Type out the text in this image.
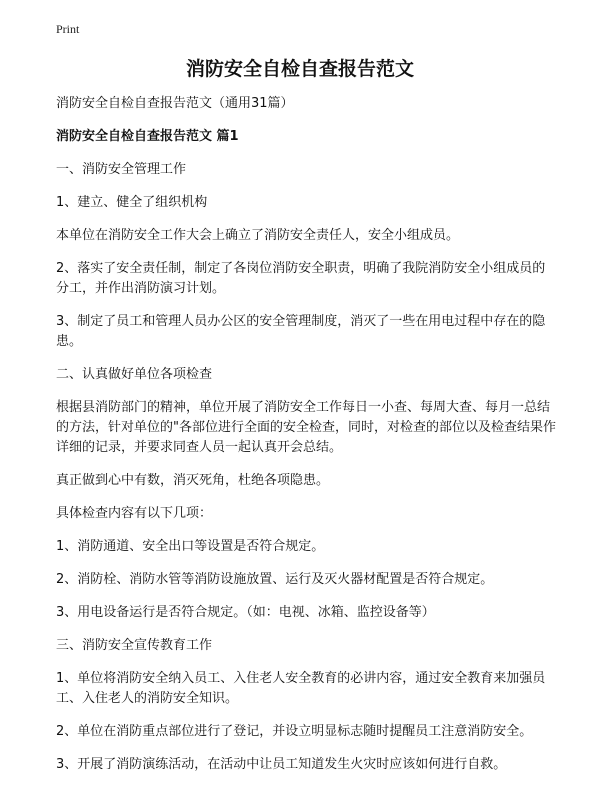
Print
消防安全自检自查报告范文

消防安全自检自查报告范文（通用31篇）

消防安全自检自查报告范文 篇1

一、消防安全管理工作

1、建立、健全了组织机构

本单位在消防安全工作大会上确立了消防安全责任人，安全小组成员。

2、落实了安全责任制，制定了各岗位消防安全职责，明确了我院消防安全小组成员的分工，并作出消防演习计划。

3、制定了员工和管理人员办公区的安全管理制度，消灭了一些在用电过程中存在的隐患。

二、认真做好单位各项检查

根据县消防部门的精神，单位开展了消防安全工作每日一小查、每周大查、每月一总结的方法，针对单位的"各部位进行全面的安全检查，同时，对检查的部位以及检查结果作详细的记录，并要求同查人员一起认真开会总结。

真正做到心中有数，消灭死角，杜绝各项隐患。

具体检查内容有以下几项：

1、消防通道、安全出口等设置是否符合规定。

2、消防栓、消防水管等消防设施放置、运行及灭火器材配置是否符合规定。

3、用电设备运行是否符合规定。（如：电视、冰箱、监控设备等）

三、消防安全宣传教育工作

1、单位将消防安全纳入员工、入住老人安全教育的必讲内容，通过安全教育来加强员工、入住老人的消防安全知识。

2、单位在消防重点部位进行了登记，并设立明显标志随时提醒员工注意消防安全。

3、开展了消防演练活动，在活动中让员工知道发生火灾时应该如何进行自救。
